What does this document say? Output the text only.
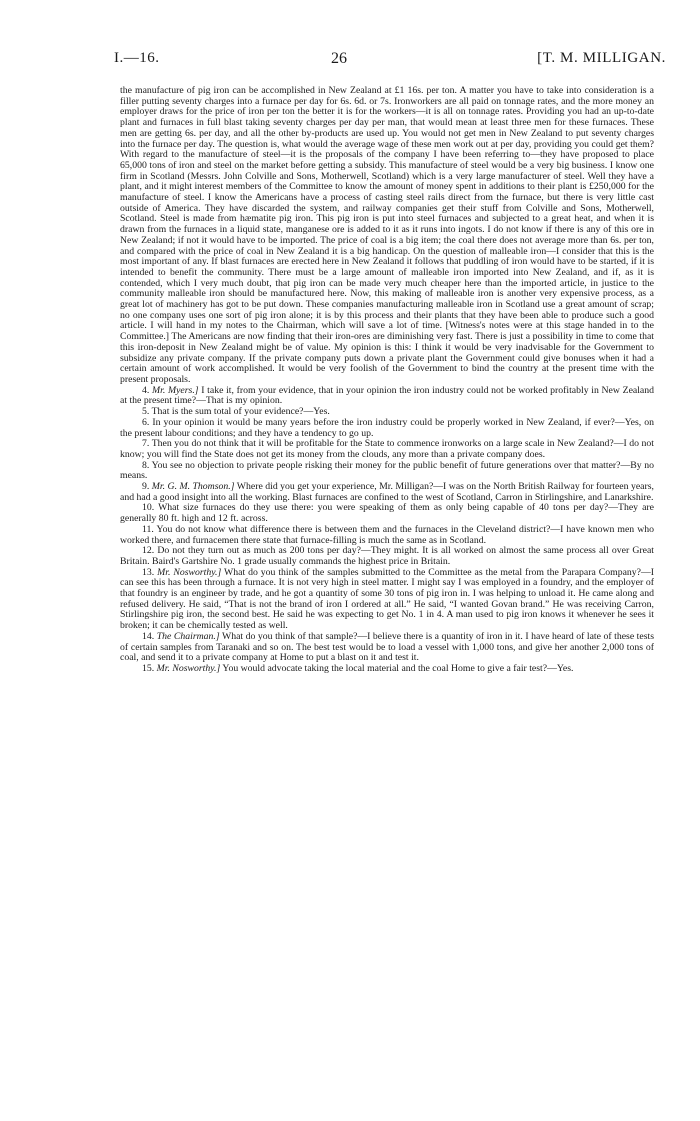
I.—16.	26	[T. M. MILLIGAN.

the manufacture of pig iron can be accomplished in New Zealand at £1 16s. per ton. A matter you have to take into consideration is a filler putting seventy charges into a furnace per day for 6s. 6d. or 7s. Ironworkers are all paid on tonnage rates, and the more money an employer draws for the price of iron per ton the better it is for the workers—it is all on tonnage rates. Providing you had an up-to-date plant and furnaces in full blast taking seventy charges per day per man, that would mean at least three men for these furnaces. These men are getting 6s. per day, and all the other by-products are used up. You would not get men in New Zealand to put seventy charges into the furnace per day. The question is, what would the average wage of these men work out at per day, providing you could get them? With regard to the manufacture of steel—it is the proposals of the company I have been referring to—they have proposed to place 65,000 tons of iron and steel on the market before getting a subsidy. This manufacture of steel would be a very big business. I know one firm in Scotland (Messrs. John Colville and Sons, Motherwell, Scotland) which is a very large manufacturer of steel. Well they have a plant, and it might interest members of the Committee to know the amount of money spent in additions to their plant is £250,000 for the manufacture of steel. I know the Americans have a process of casting steel rails direct from the furnace, but there is very little cast outside of America. They have discarded the system, and railway companies get their stuff from Colville and Sons, Motherwell, Scotland. Steel is made from hæmatite pig iron. This pig iron is put into steel furnaces and subjected to a great heat, and when it is drawn from the furnaces in a liquid state, manganese ore is added to it as it runs into ingots. I do not know if there is any of this ore in New Zealand; if not it would have to be imported. The price of coal is a big item; the coal there does not average more than 6s. per ton, and compared with the price of coal in New Zealand it is a big handicap. On the question of malleable iron—I consider that this is the most important of any. If blast furnaces are erected here in New Zealand it follows that puddling of iron would have to be started, if it is intended to benefit the community. There must be a large amount of malleable iron imported into New Zealand, and if, as it is contended, which I very much doubt, that pig iron can be made very much cheaper here than the imported article, in justice to the community malleable iron should be manufactured here. Now, this making of malleable iron is another very expensive process, as a great lot of machinery has got to be put down. These companies manufacturing malleable iron in Scotland use a great amount of scrap; no one company uses one sort of pig iron alone; it is by this process and their plants that they have been able to produce such a good article. I will hand in my notes to the Chairman, which will save a lot of time. [Witness's notes were at this stage handed in to the Committee.] The Americans are now finding that their iron-ores are diminishing very fast. There is just a possibility in time to come that this iron-deposit in New Zealand might be of value. My opinion is this: I think it would be very inadvisable for the Government to subsidize any private company. If the private company puts down a private plant the Government could give bonuses when it had a certain amount of work accomplished. It would be very foolish of the Government to bind the country at the present time with the present proposals.

4. Mr. Myers.] I take it, from your evidence, that in your opinion the iron industry could not be worked profitably in New Zealand at the present time?—That is my opinion.

5. That is the sum total of your evidence?—Yes.

6. In your opinion it would be many years before the iron industry could be properly worked in New Zealand, if ever?—Yes, on the present labour conditions; and they have a tendency to go up.

7. Then you do not think that it will be profitable for the State to commence ironworks on a large scale in New Zealand?—I do not know; you will find the State does not get its money from the clouds, any more than a private company does.

8. You see no objection to private people risking their money for the public benefit of future generations over that matter?—By no means.

9. Mr. G. M. Thomson.] Where did you get your experience, Mr. Milligan?—I was on the North British Railway for fourteen years, and had a good insight into all the working. Blast furnaces are confined to the west of Scotland, Carron in Stirlingshire, and Lanarkshire.

10. What size furnaces do they use there: you were speaking of them as only being capable of 40 tons per day?—They are generally 80 ft. high and 12 ft. across.

11. You do not know what difference there is between them and the furnaces in the Cleveland district?—I have known men who worked there, and furnacemen there state that furnace-filling is much the same as in Scotland.

12. Do not they turn out as much as 200 tons per day?—They might. It is all worked on almost the same process all over Great Britain. Baird's Gartshire No. 1 grade usually commands the highest price in Britain.

13. Mr. Nosworthy.] What do you think of the samples submitted to the Committee as the metal from the Parapara Company?—I can see this has been through a furnace. It is not very high in steel matter. I might say I was employed in a foundry, and the employer of that foundry is an engineer by trade, and he got a quantity of some 30 tons of pig iron in. I was helping to unload it. He came along and refused delivery. He said, “That is not the brand of iron I ordered at all.” He said, “I wanted Govan brand.” He was receiving Carron, Stirlingshire pig iron, the second best. He said he was expecting to get No. 1 in 4. A man used to pig iron knows it whenever he sees it broken; it can be chemically tested as well.

14. The Chairman.] What do you think of that sample?—I believe there is a quantity of iron in it. I have heard of late of these tests of certain samples from Taranaki and so on. The best test would be to load a vessel with 1,000 tons, and give her another 2,000 tons of coal, and send it to a private company at Home to put a blast on it and test it.

15. Mr. Nosworthy.] You would advocate taking the local material and the coal Home to give a fair test?—Yes.
